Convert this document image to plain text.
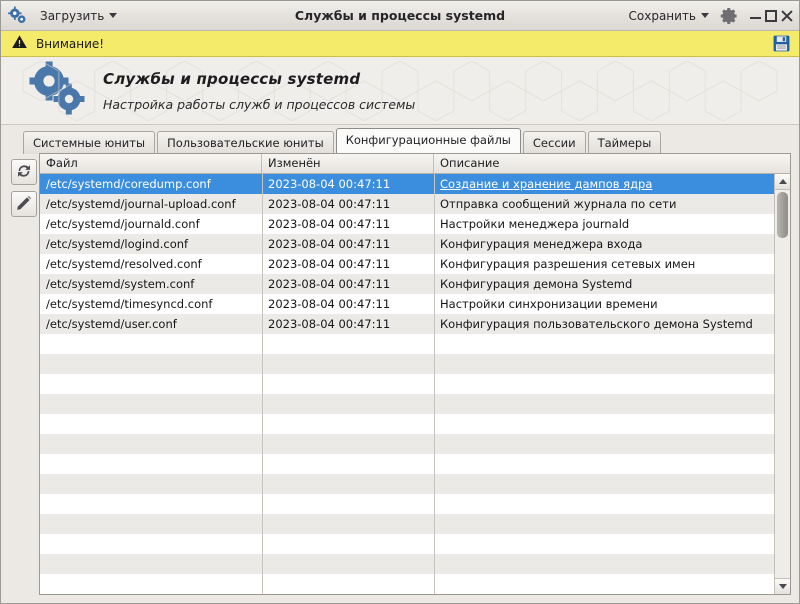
Загрузить	Службы и процессы systemd	Сохранить
Внимание!
Службы и процессы systemd
Настройка работы служб и процессов системы
Системные юниты	Пользовательские юниты	Конфигурационные файлы	Сессии	Таймеры
Файл	Изменён	Описание
/etc/systemd/coredump.conf	2023-08-04 00:47:11	Создание и хранение дампов ядра
/etc/systemd/journal-upload.conf	2023-08-04 00:47:11	Отправка сообщений журнала по сети
/etc/systemd/journald.conf	2023-08-04 00:47:11	Настройки менеджера journald
/etc/systemd/logind.conf	2023-08-04 00:47:11	Конфигурация менеджера входа
/etc/systemd/resolved.conf	2023-08-04 00:47:11	Конфигурация разрешения сетевых имен
/etc/systemd/system.conf	2023-08-04 00:47:11	Конфигурация демона Systemd
/etc/systemd/timesyncd.conf	2023-08-04 00:47:11	Настройки синхронизации времени
/etc/systemd/user.conf	2023-08-04 00:47:11	Конфигурация пользовательского демона Systemd
